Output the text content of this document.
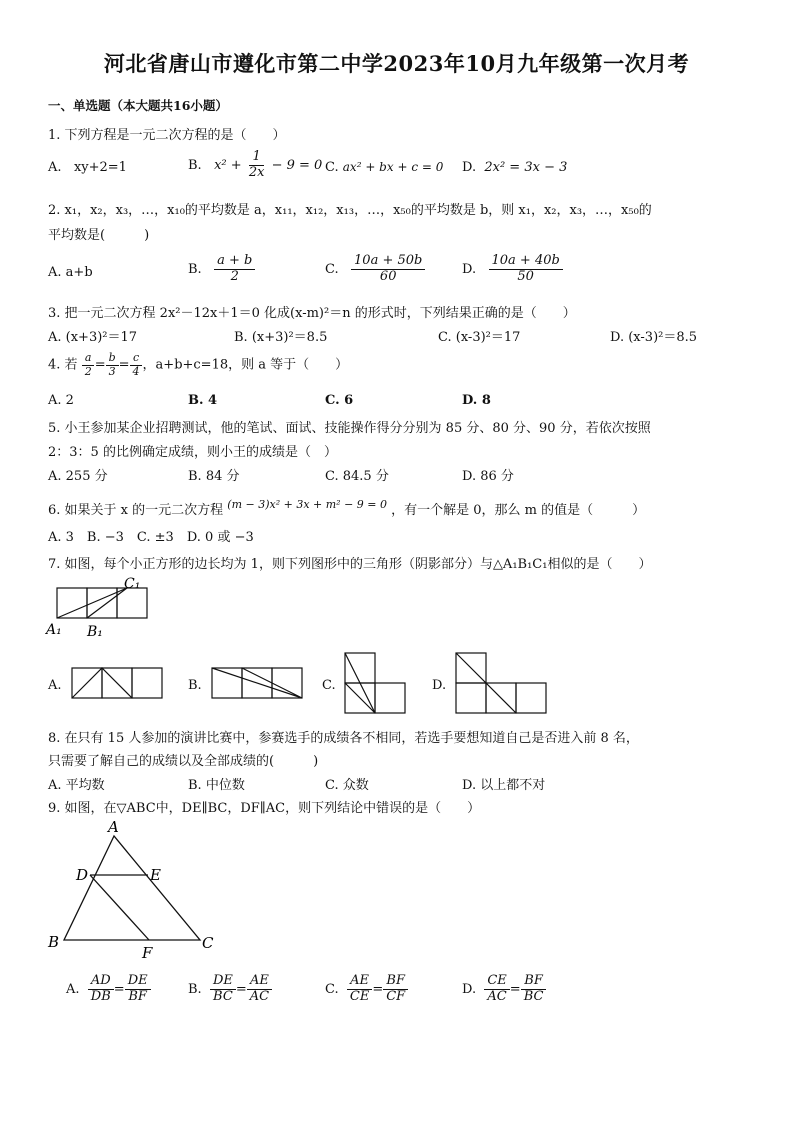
河北省唐山市遵化市第二中学2023年10月九年级第一次月考
一、单选题（本大题共16小题）
1. 下列方程是一元二次方程的是（　　）
A. xy+2=1	B. $x^2 + \frac{1}{2x} - 9 = 0$ C. ax² + bx + c = 0 D. 2x² = 3x − 3
2. x₁，x₂，x₃，…，x₁₀的平均数是 a，x₁₁，x₁₂，x₁₃，…，x₅₀的平均数是 b，则 x₁，x₂，x₃，…，x₅₀的
平均数是(　　　)
A. a+b	B. $\frac{a + b}{2}$	C. $\frac{10a + 50b}{60}$	D. $\frac{10a + 40b}{50}$
3. 把一元二次方程 2x²－12x＋1＝0 化成(x-m)²＝n 的形式时，下列结果正确的是（　　）
A. (x+3)²＝17	B. (x+3)²＝8.5	C. (x-3)²＝17	D. (x-3)²＝8.5
4. 若 $\frac{a}{2} = \frac{b}{3} = \frac{c}{4}$ ，a+b+c=18，则 a 等于（　　）
A. 2	B. 4	C. 6	D. 8
5. 小王参加某企业招聘测试，他的笔试、面试、技能操作得分分别为 85 分、80 分、90 分，若依次按照
2：3：5 的比例确定成绩，则小王的成绩是（　）
A. 255 分	B. 84 分	C. 84.5 分	D. 86 分
6. 如果关于 x 的一元二次方程 $^{(m - 3)x^2 + 3x + m^2 - 9 = 0}$ ，有一个解是 0，那么 m 的值是（　　　）
A. 3　B. −3　C. ±3　D. 0 或 −3
7. 如图，每个小正方形的边长均为 1，则下列图形中的三角形（阴影部分）与△A₁B₁C₁相似的是（　　）
A₁ B₁
C₁
A.	B.	C.	D.
8. 在只有 15 人参加的演讲比赛中，参赛选手的成绩各不相同，若选手要想知道自己是否进入前 8 名，
只需要了解自己的成绩以及全部成绩的(　　　)
A. 平均数	B. 中位数	C. 众数	D. 以上都不对
9. 如图，在▽ABC中，DE∥BC，DF∥AC，则下列结论中错误的是（　　）
A
B	C
D	E
F
A. $\frac{AD}{DB} = \frac{DE}{BF}$	B. $\frac{DE}{BC} = \frac{AE}{AC}$	C. $\frac{AE}{CE} = \frac{BF}{CF}$	D. $\frac{CE}{AC} = \frac{BF}{BC}$
